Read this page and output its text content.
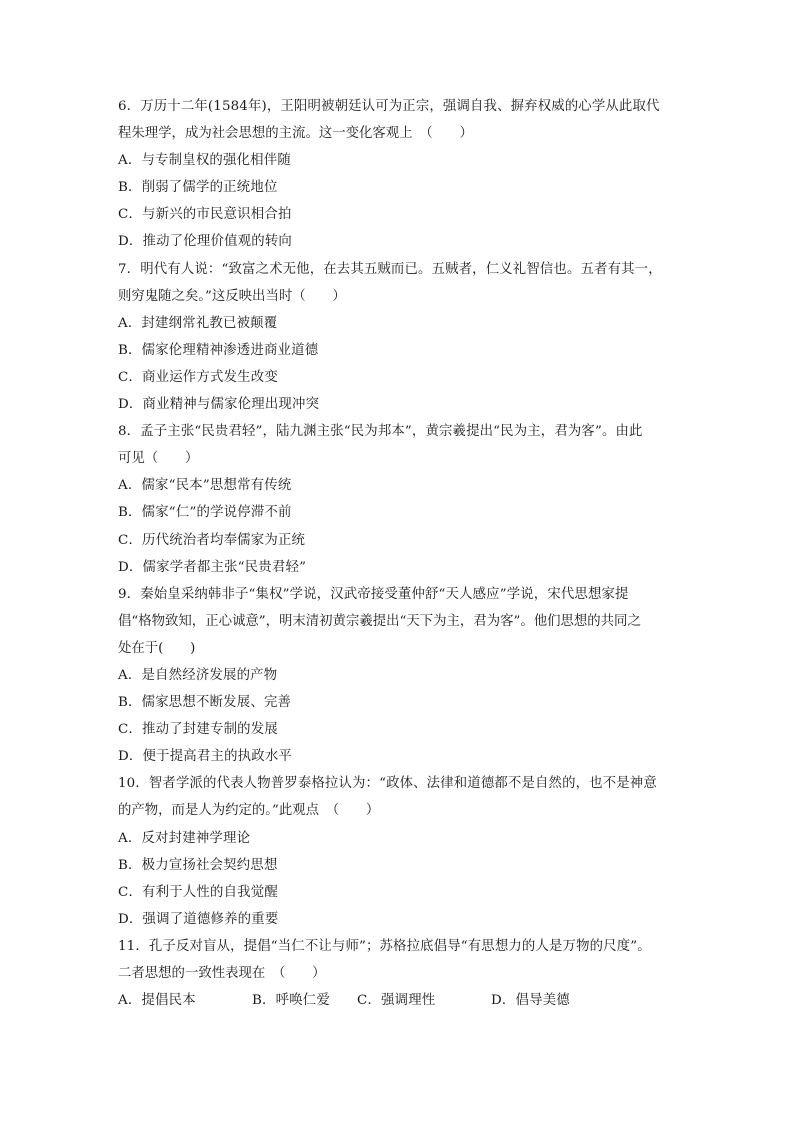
6．万历十二年(1584年)，王阳明被朝廷认可为正宗，强调自我、摒弃权威的心学从此取代
程朱理学，成为社会思想的主流。这一变化客观上　（　　）
A．与专制皇权的强化相伴随
B．削弱了儒学的正统地位
C．与新兴的市民意识相合拍
D．推动了伦理价值观的转向
7．明代有人说：“致富之术无他，在去其五贼而已。五贼者，仁义礼智信也。五者有其一，
则穷鬼随之矣。”这反映出当时（　　）
A．封建纲常礼教已被颠覆
B．儒家伦理精神渗透进商业道德
C．商业运作方式发生改变
D．商业精神与儒家伦理出现冲突
8．孟子主张“民贵君轻”，陆九渊主张“民为邦本”，黄宗羲提出“民为主，君为客”。由此
可见（　　）
A．儒家“民本”思想常有传统
B．儒家“仁”的学说停滞不前
C．历代统治者均奉儒家为正统
D．儒家学者都主张“民贵君轻”
9．秦始皇采纳韩非子“集权”学说，汉武帝接受董仲舒“天人感应”学说，宋代思想家提
倡“格物致知，正心诚意”，明末清初黄宗羲提出“天下为主，君为客”。他们思想的共同之
处在于(　　)
A．是自然经济发展的产物
B．儒家思想不断发展、完善
C．推动了封建专制的发展
D．便于提高君主的执政水平
10．智者学派的代表人物普罗泰格拉认为：“政体、法律和道德都不是自然的，也不是神意
的产物，而是人为约定的。”此观点　（　　）
A．反对封建神学理论
B．极力宣扬社会契约思想
C．有利于人性的自我觉醒
D．强调了道德修养的重要
11．孔子反对盲从，提倡“当仁不让与师”；苏格拉底倡导“有思想力的人是万物的尺度”。
二者思想的一致性表现在　（　　）
A．提倡民本	B．呼唤仁爱	C．强调理性	D．倡导美德
